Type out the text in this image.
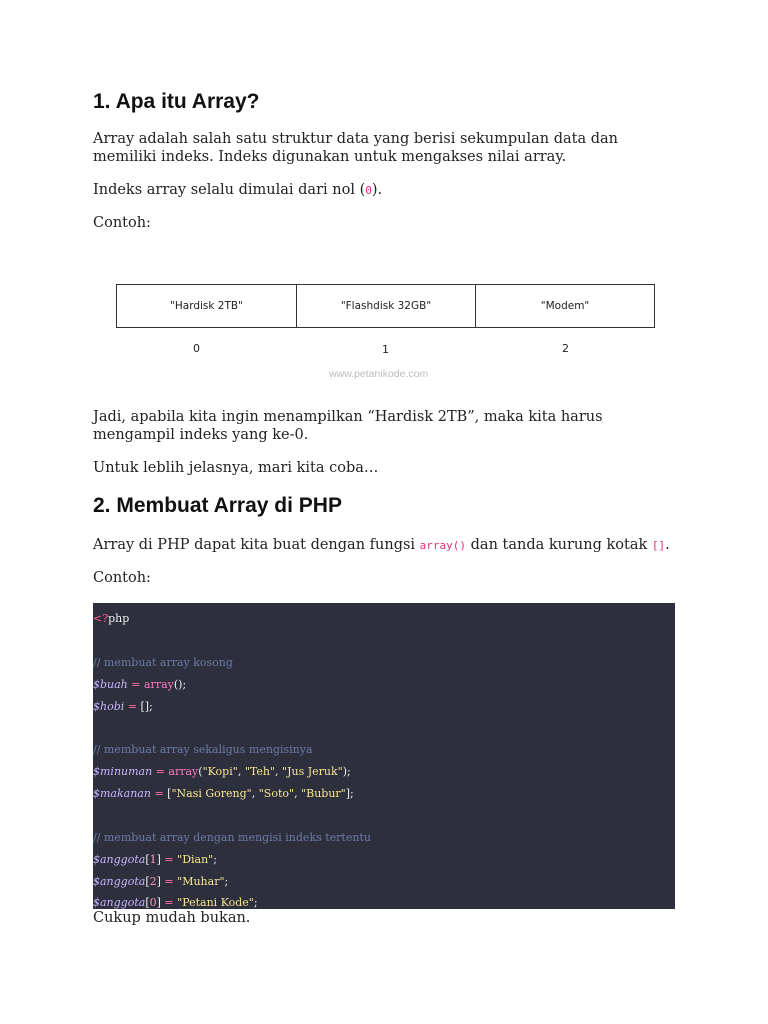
1. Apa itu Array?

Array adalah salah satu struktur data yang berisi sekumpulan data dan memiliki indeks. Indeks digunakan untuk mengakses nilai array.

Indeks array selalu dimulai dari nol (0).

Contoh:

"Hardisk 2TB"	"Flashdisk 32GB"	"Modem"
0	1	2
www.petanikode.com

Jadi, apabila kita ingin menampilkan “Hardisk 2TB”, maka kita harus mengampil indeks yang ke-0.

Untuk leblih jelasnya, mari kita coba…

2. Membuat Array di PHP

Array di PHP dapat kita buat dengan fungsi array() dan tanda kurung kotak [].

Contoh:

<?php
// membuat array kosong
$buah = array();
$hobi = [];
// membuat array sekaligus mengisinya
$minuman = array("Kopi", "Teh", "Jus Jeruk");
$makanan = ["Nasi Goreng", "Soto", "Bubur"];
// membuat array dengan mengisi indeks tertentu
$anggota[1] = "Dian";
$anggota[2] = "Muhar";
$anggota[0] = "Petani Kode";

Cukup mudah bukan.
